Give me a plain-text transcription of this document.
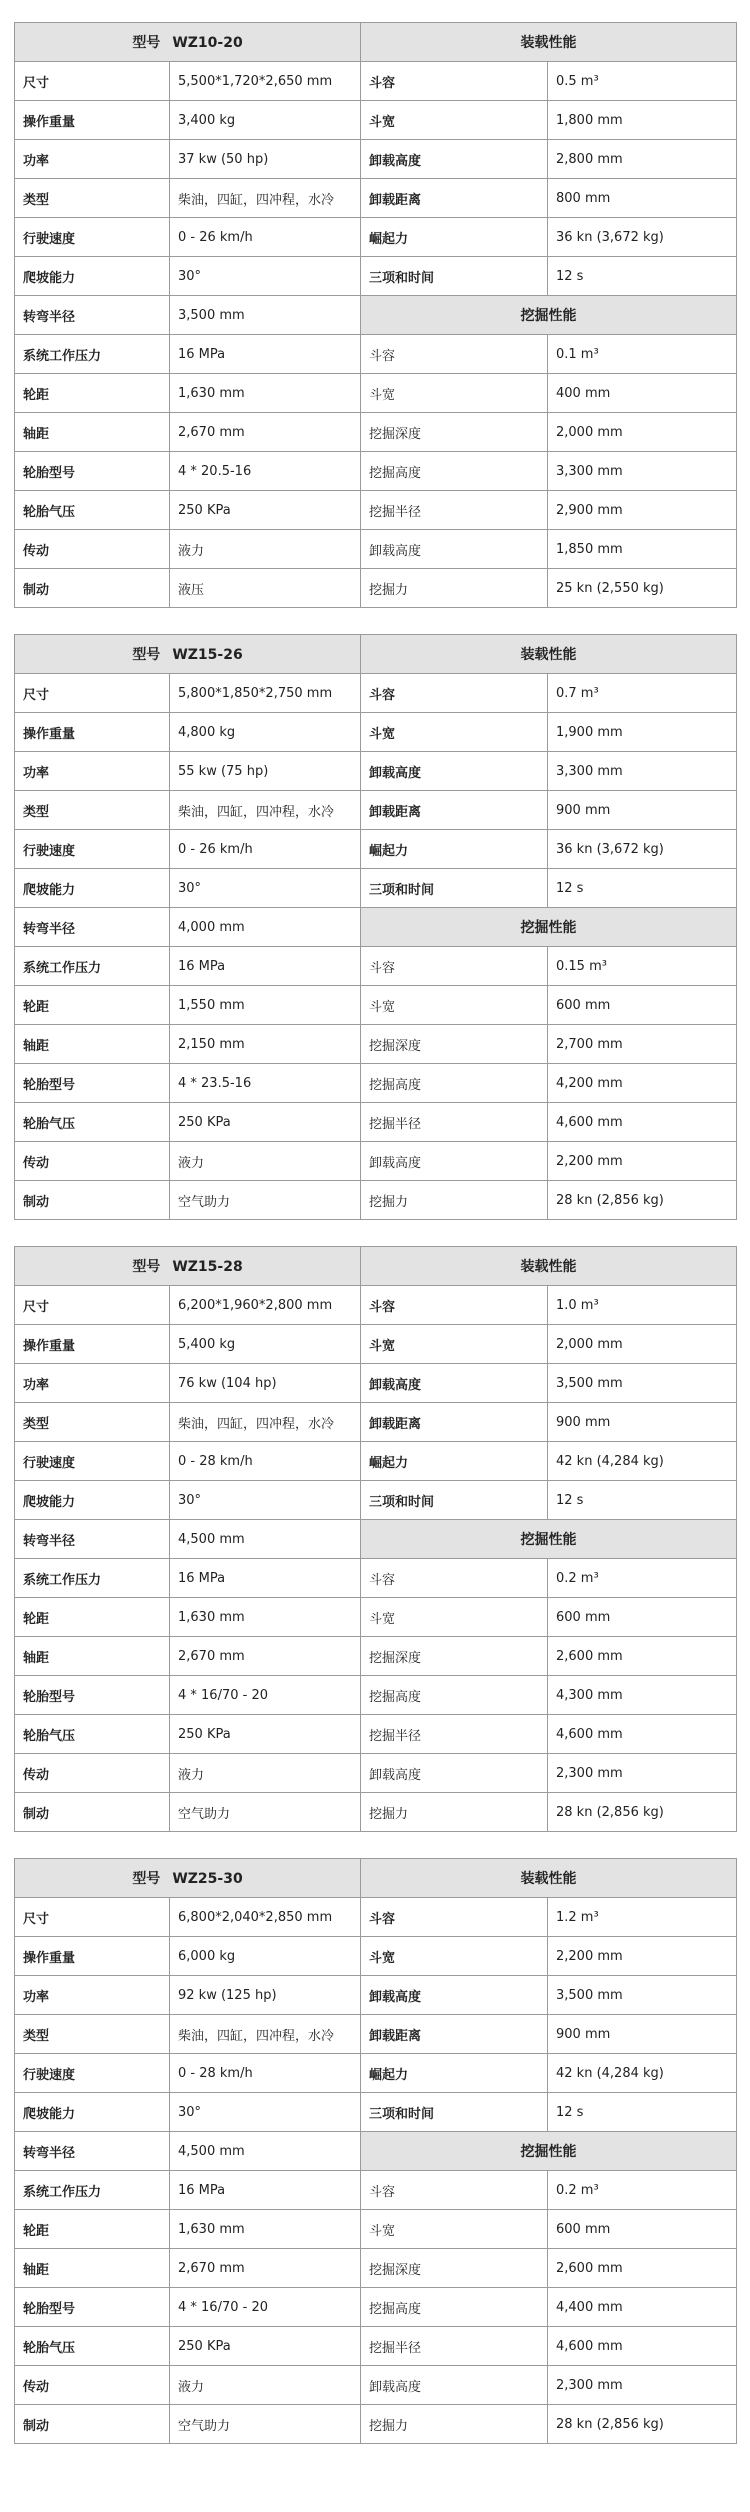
型号 WZ10-20		装载性能	
尺寸	5,500*1,720*2,650 mm	斗容	0.5 m³
操作重量	3,400 kg	斗宽	1,800 mm
功率	37 kw (50 hp)	卸载高度	2,800 mm
类型	柴油，四缸，四冲程，水冷	卸载距离	800 mm
行驶速度	0 - 26 km/h	崛起力	36 kn (3,672 kg)
爬坡能力	30°	三项和时间	12 s
转弯半径	3,500 mm	挖掘性能	
系统工作压力	16 MPa	斗容	0.1 m³
轮距	1,630 mm	斗宽	400 mm
轴距	2,670 mm	挖掘深度	2,000 mm
轮胎型号	4 * 20.5-16	挖掘高度	3,300 mm
轮胎气压	250 KPa	挖掘半径	2,900 mm
传动	液力	卸载高度	1,850 mm
制动	液压	挖掘力	25 kn (2,550 kg)
型号 WZ15-26		装载性能	
尺寸	5,800*1,850*2,750 mm	斗容	0.7 m³
操作重量	4,800 kg	斗宽	1,900 mm
功率	55 kw (75 hp)	卸载高度	3,300 mm
类型	柴油，四缸，四冲程，水冷	卸载距离	900 mm
行驶速度	0 - 26 km/h	崛起力	36 kn (3,672 kg)
爬坡能力	30°	三项和时间	12 s
转弯半径	4,000 mm	挖掘性能	
系统工作压力	16 MPa	斗容	0.15 m³
轮距	1,550 mm	斗宽	600 mm
轴距	2,150 mm	挖掘深度	2,700 mm
轮胎型号	4 * 23.5-16	挖掘高度	4,200 mm
轮胎气压	250 KPa	挖掘半径	4,600 mm
传动	液力	卸载高度	2,200 mm
制动	空气助力	挖掘力	28 kn (2,856 kg)
型号 WZ15-28		装载性能	
尺寸	6,200*1,960*2,800 mm	斗容	1.0 m³
操作重量	5,400 kg	斗宽	2,000 mm
功率	76 kw (104 hp)	卸载高度	3,500 mm
类型	柴油，四缸，四冲程，水冷	卸载距离	900 mm
行驶速度	0 - 28 km/h	崛起力	42 kn (4,284 kg)
爬坡能力	30°	三项和时间	12 s
转弯半径	4,500 mm	挖掘性能	
系统工作压力	16 MPa	斗容	0.2 m³
轮距	1,630 mm	斗宽	600 mm
轴距	2,670 mm	挖掘深度	2,600 mm
轮胎型号	4 * 16/70 - 20	挖掘高度	4,300 mm
轮胎气压	250 KPa	挖掘半径	4,600 mm
传动	液力	卸载高度	2,300 mm
制动	空气助力	挖掘力	28 kn (2,856 kg)
型号 WZ25-30		装载性能	
尺寸	6,800*2,040*2,850 mm	斗容	1.2 m³
操作重量	6,000 kg	斗宽	2,200 mm
功率	92 kw (125 hp)	卸载高度	3,500 mm
类型	柴油，四缸，四冲程，水冷	卸载距离	900 mm
行驶速度	0 - 28 km/h	崛起力	42 kn (4,284 kg)
爬坡能力	30°	三项和时间	12 s
转弯半径	4,500 mm	挖掘性能	
系统工作压力	16 MPa	斗容	0.2 m³
轮距	1,630 mm	斗宽	600 mm
轴距	2,670 mm	挖掘深度	2,600 mm
轮胎型号	4 * 16/70 - 20	挖掘高度	4,400 mm
轮胎气压	250 KPa	挖掘半径	4,600 mm
传动	液力	卸载高度	2,300 mm
制动	空气助力	挖掘力	28 kn (2,856 kg)
